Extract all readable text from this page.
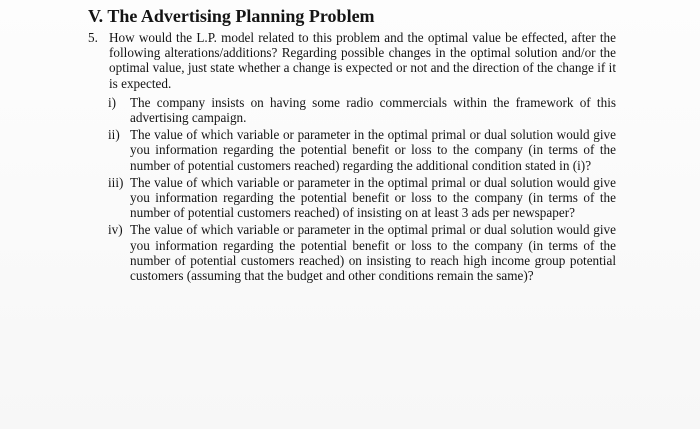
V. The Advertising Planning Problem
5. How would the L.P. model related to this problem and the optimal value be effected, after the following alterations/additions? Regarding possible changes in the optimal solution and/or the optimal value, just state whether a change is expected or not and the direction of the change if it is expected.
i)	The company insists on having some radio commercials within the framework of this advertising campaign.
ii) The value of which variable or parameter in the optimal primal or dual solution would give you information regarding the potential benefit or loss to the company (in terms of the number of potential customers reached) regarding the additional condition stated in (i)?
iii) The value of which variable or parameter in the optimal primal or dual solution would give you information regarding the potential benefit or loss to the company (in terms of the number of potential customers reached) of insisting on at least 3 ads per newspaper?
iv) The value of which variable or parameter in the optimal primal or dual solution would give you information regarding the potential benefit or loss to the company (in terms of the number of potential customers reached) on insisting to reach high income group potential customers (assuming that the budget and other conditions remain the same)?
